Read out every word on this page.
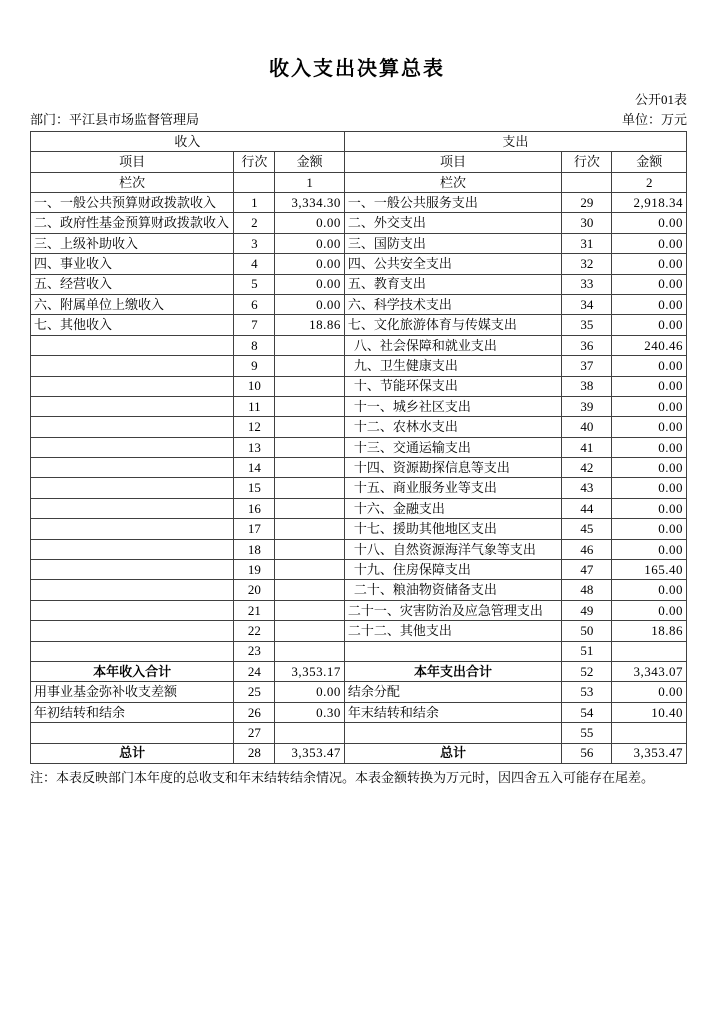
收入支出决算总表
公开01表
部门：平江县市场监督管理局	单位：万元
收入			支出		
项目	行次	金额	项目	行次	金额
栏次		1	栏次		2
一、一般公共预算财政拨款收入	1	3,334.30	一、一般公共服务支出	29	2,918.34
二、政府性基金预算财政拨款收入	2	0.00	二、外交支出	30	0.00
三、上级补助收入	3	0.00	三、国防支出	31	0.00
四、事业收入	4	0.00	四、公共安全支出	32	0.00
五、经营收入	5	0.00	五、教育支出	33	0.00
六、附属单位上缴收入	6	0.00	六、科学技术支出	34	0.00
七、其他收入	7	18.86	七、文化旅游体育与传媒支出	35	0.00
	8		八、社会保障和就业支出	36	240.46
	9		九、卫生健康支出	37	0.00
	10		十、节能环保支出	38	0.00
	11		十一、城乡社区支出	39	0.00
	12		十二、农林水支出	40	0.00
	13		十三、交通运输支出	41	0.00
	14		十四、资源勘探信息等支出	42	0.00
	15		十五、商业服务业等支出	43	0.00
	16		十六、金融支出	44	0.00
	17		十七、援助其他地区支出	45	0.00
	18		十八、自然资源海洋气象等支出	46	0.00
	19		十九、住房保障支出	47	165.40
	20		二十、粮油物资储备支出	48	0.00
	21		二十一、灾害防治及应急管理支出	49	0.00
	22		二十二、其他支出	50	18.86
	23			51	
本年收入合计	24	3,353.17	本年支出合计	52	3,343.07
用事业基金弥补收支差额	25	0.00	结余分配	53	0.00
年初结转和结余	26	0.30	年末结转和结余	54	10.40
	27			55	
总计	28	3,353.47	总计	56	3,353.47
注：本表反映部门本年度的总收支和年末结转结余情况。本表金额转换为万元时，因四舍五入可能存在尾差。
